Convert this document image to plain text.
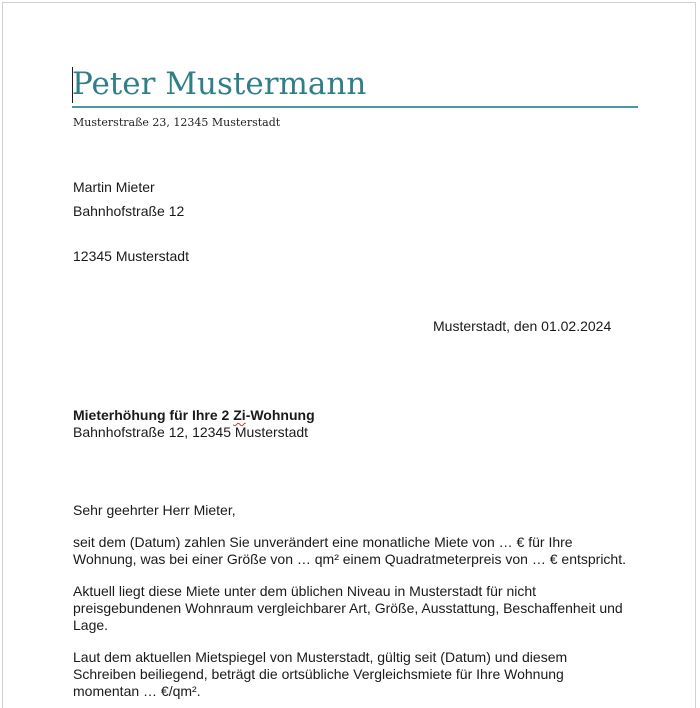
Peter Mustermann
Musterstraße 23, 12345 Musterstadt
Martin Mieter
Bahnhofstraße 12
12345 Musterstadt
Musterstadt, den 01.02.2024
Mieterhöhung für Ihre 2 Zi-Wohnung
Bahnhofstraße 12, 12345 Musterstadt
Sehr geehrter Herr Mieter,
seit dem (Datum) zahlen Sie unverändert eine monatliche Miete von … € für Ihre
Wohnung, was bei einer Größe von … qm² einem Quadratmeterpreis von … € entspricht.
Aktuell liegt diese Miete unter dem üblichen Niveau in Musterstadt für nicht
preisgebundenen Wohnraum vergleichbarer Art, Größe, Ausstattung, Beschaffenheit und
Lage.
Laut dem aktuellen Mietspiegel von Musterstadt, gültig seit (Datum) und diesem
Schreiben beiliegend, beträgt die ortsübliche Vergleichsmiete für Ihre Wohnung
momentan … €/qm².
